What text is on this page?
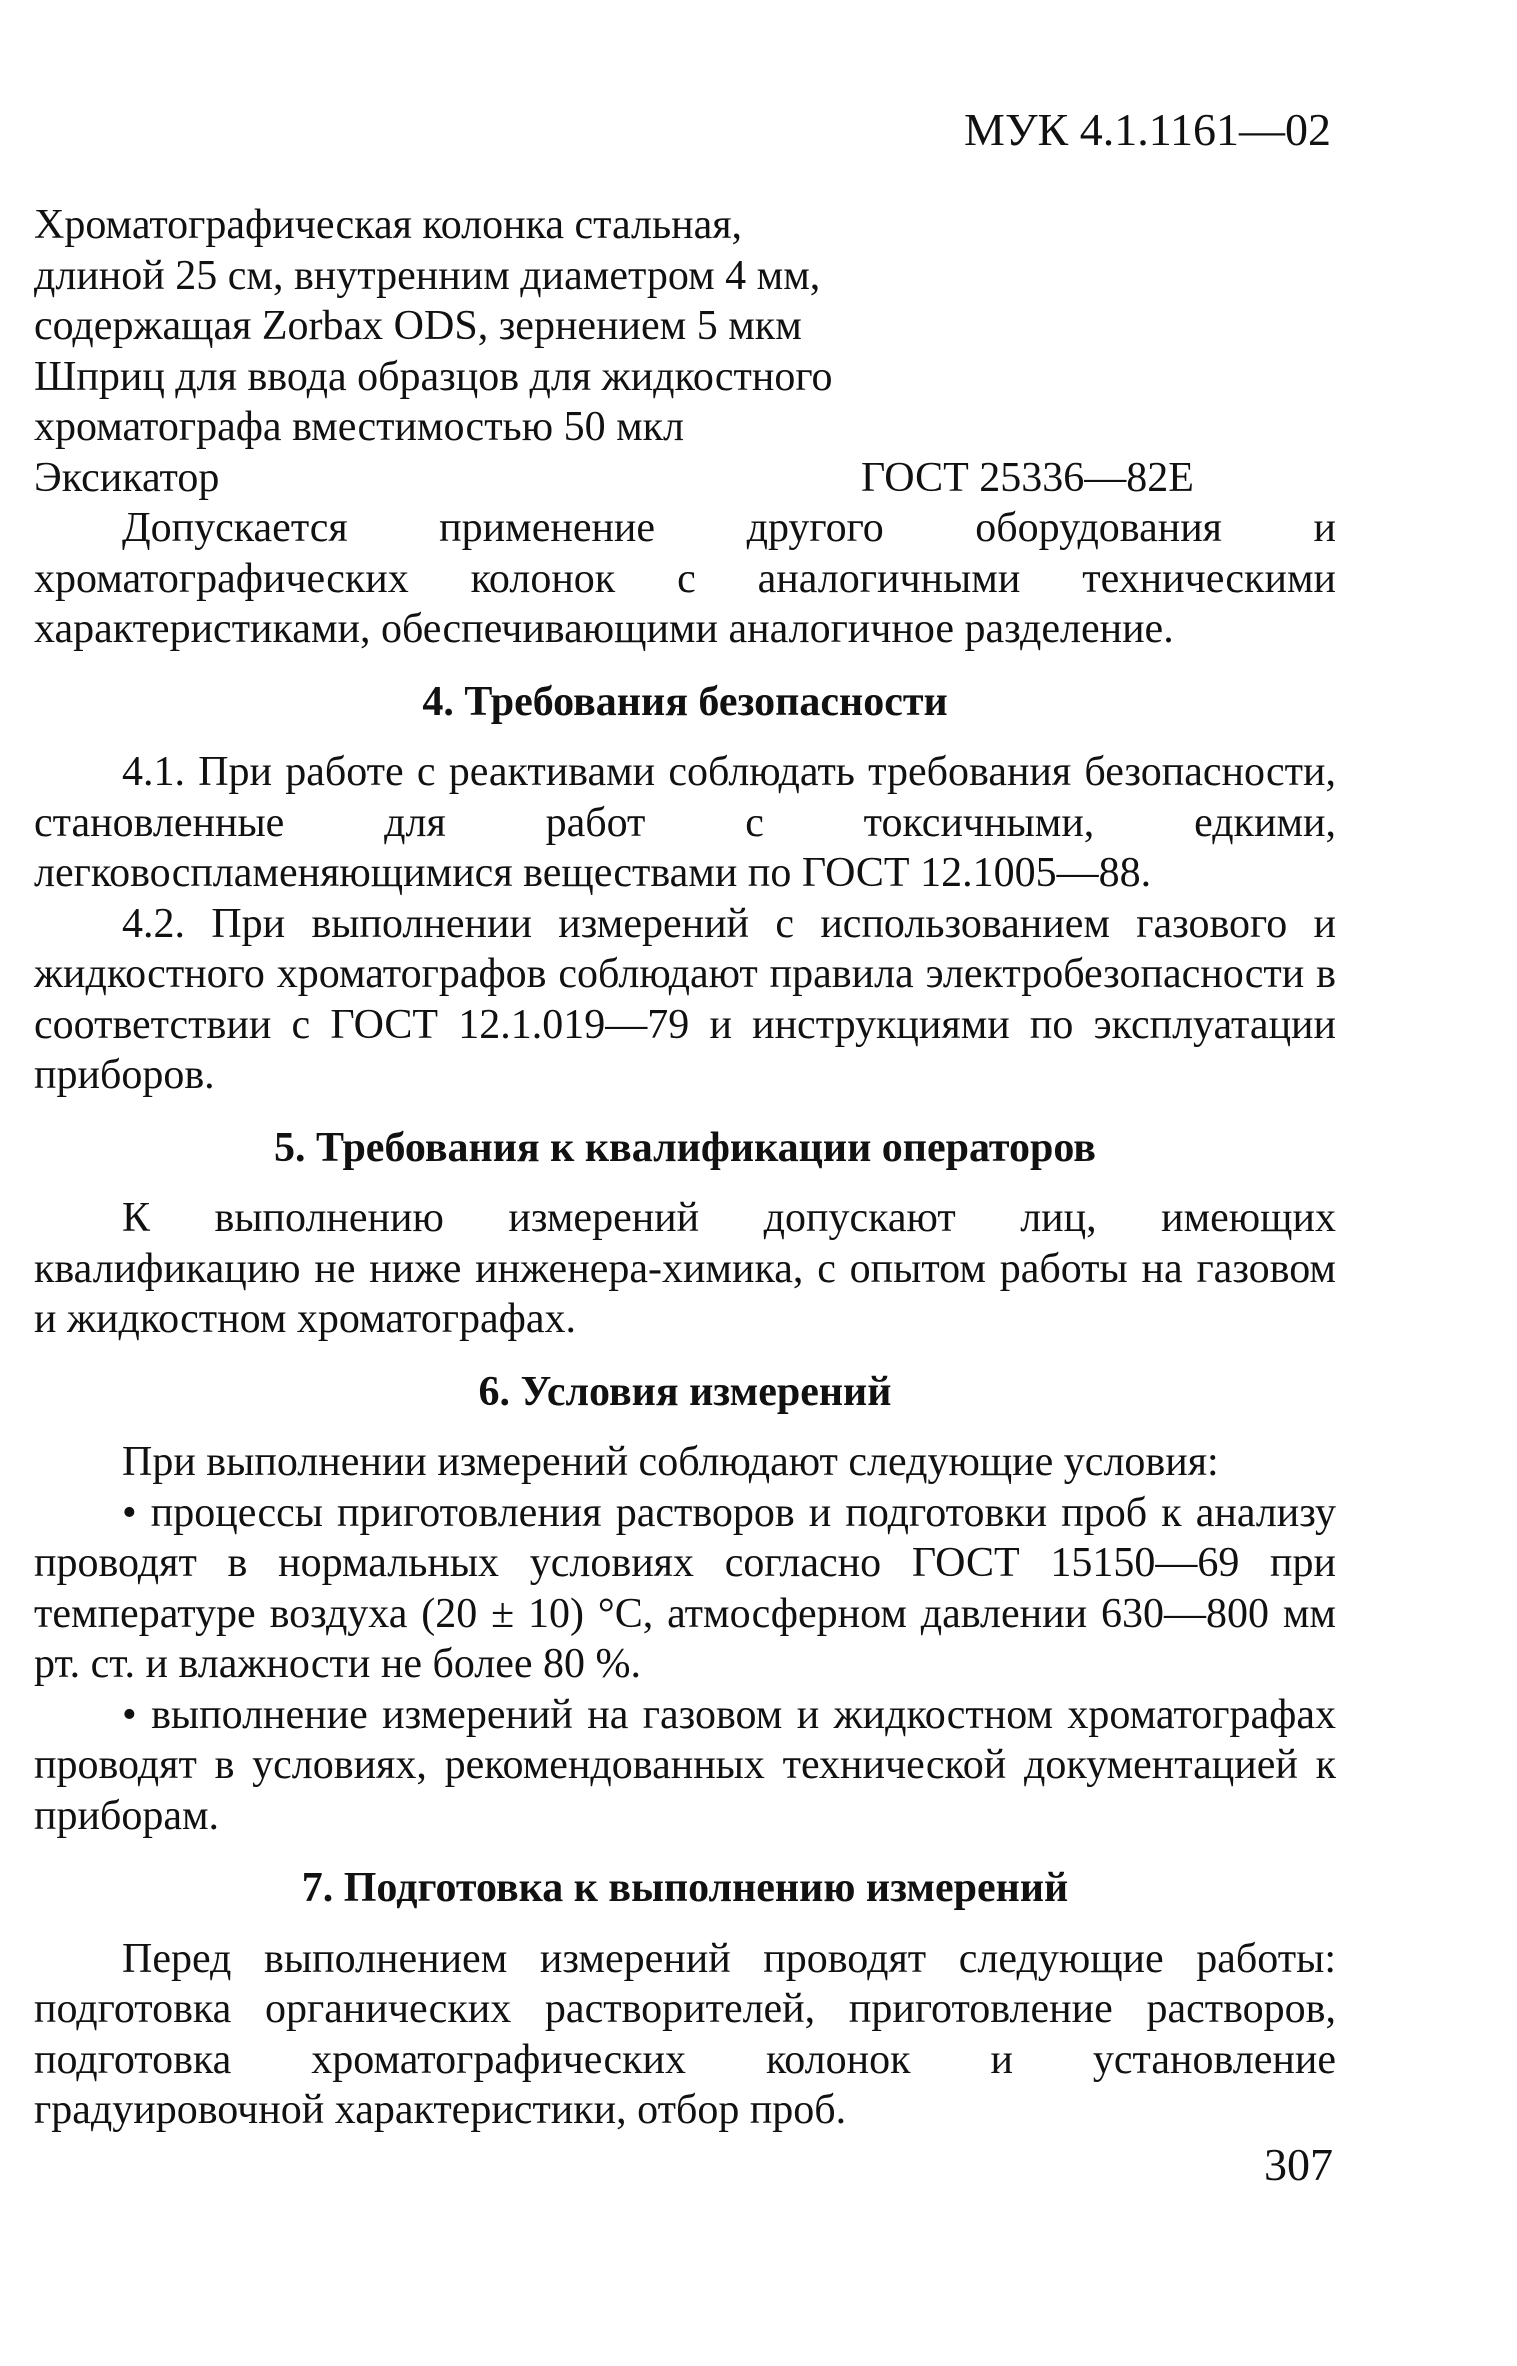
МУК 4.1.1161—02
Хроматографическая колонка стальная,
длиной 25 см, внутренним диаметром 4 мм,
содержащая Zorbax ODS, зернением 5 мкм
Шприц для ввода образцов для жидкостного
хроматографа вместимостью 50 мкл
Эксикатор	ГОСТ 25336—82Е
Допускается применение другого оборудования и хроматографических колонок с аналогичными техническими характеристиками, обеспечивающими аналогичное разделение.
4. Требования безопасности
4.1. При работе с реактивами соблюдать требования безопасности, становленные для работ с токсичными, едкими, легковоспламеняющимися веществами по ГОСТ 12.1005—88.
4.2. При выполнении измерений с использованием газового и жидкостного хроматографов соблюдают правила электробезопасности в соответствии с ГОСТ 12.1.019—79 и инструкциями по эксплуатации приборов.
5. Требования к квалификации операторов
К выполнению измерений допускают лиц, имеющих квалификацию не ниже инженера-химика, с опытом работы на газовом и жидкостном хроматографах.
6. Условия измерений
При выполнении измерений соблюдают следующие условия:
• процессы приготовления растворов и подготовки проб к анализу проводят в нормальных условиях согласно ГОСТ 15150—69 при температуре воздуха (20 ± 10) °С, атмосферном давлении 630—800 мм рт. ст. и влажности не более 80 %.
• выполнение измерений на газовом и жидкостном хроматографах проводят в условиях, рекомендованных технической документацией к приборам.
7. Подготовка к выполнению измерений
Перед выполнением измерений проводят следующие работы: подготовка органических растворителей, приготовление растворов, подготовка хроматографических колонок и установление градуировочной характеристики, отбор проб.
307
